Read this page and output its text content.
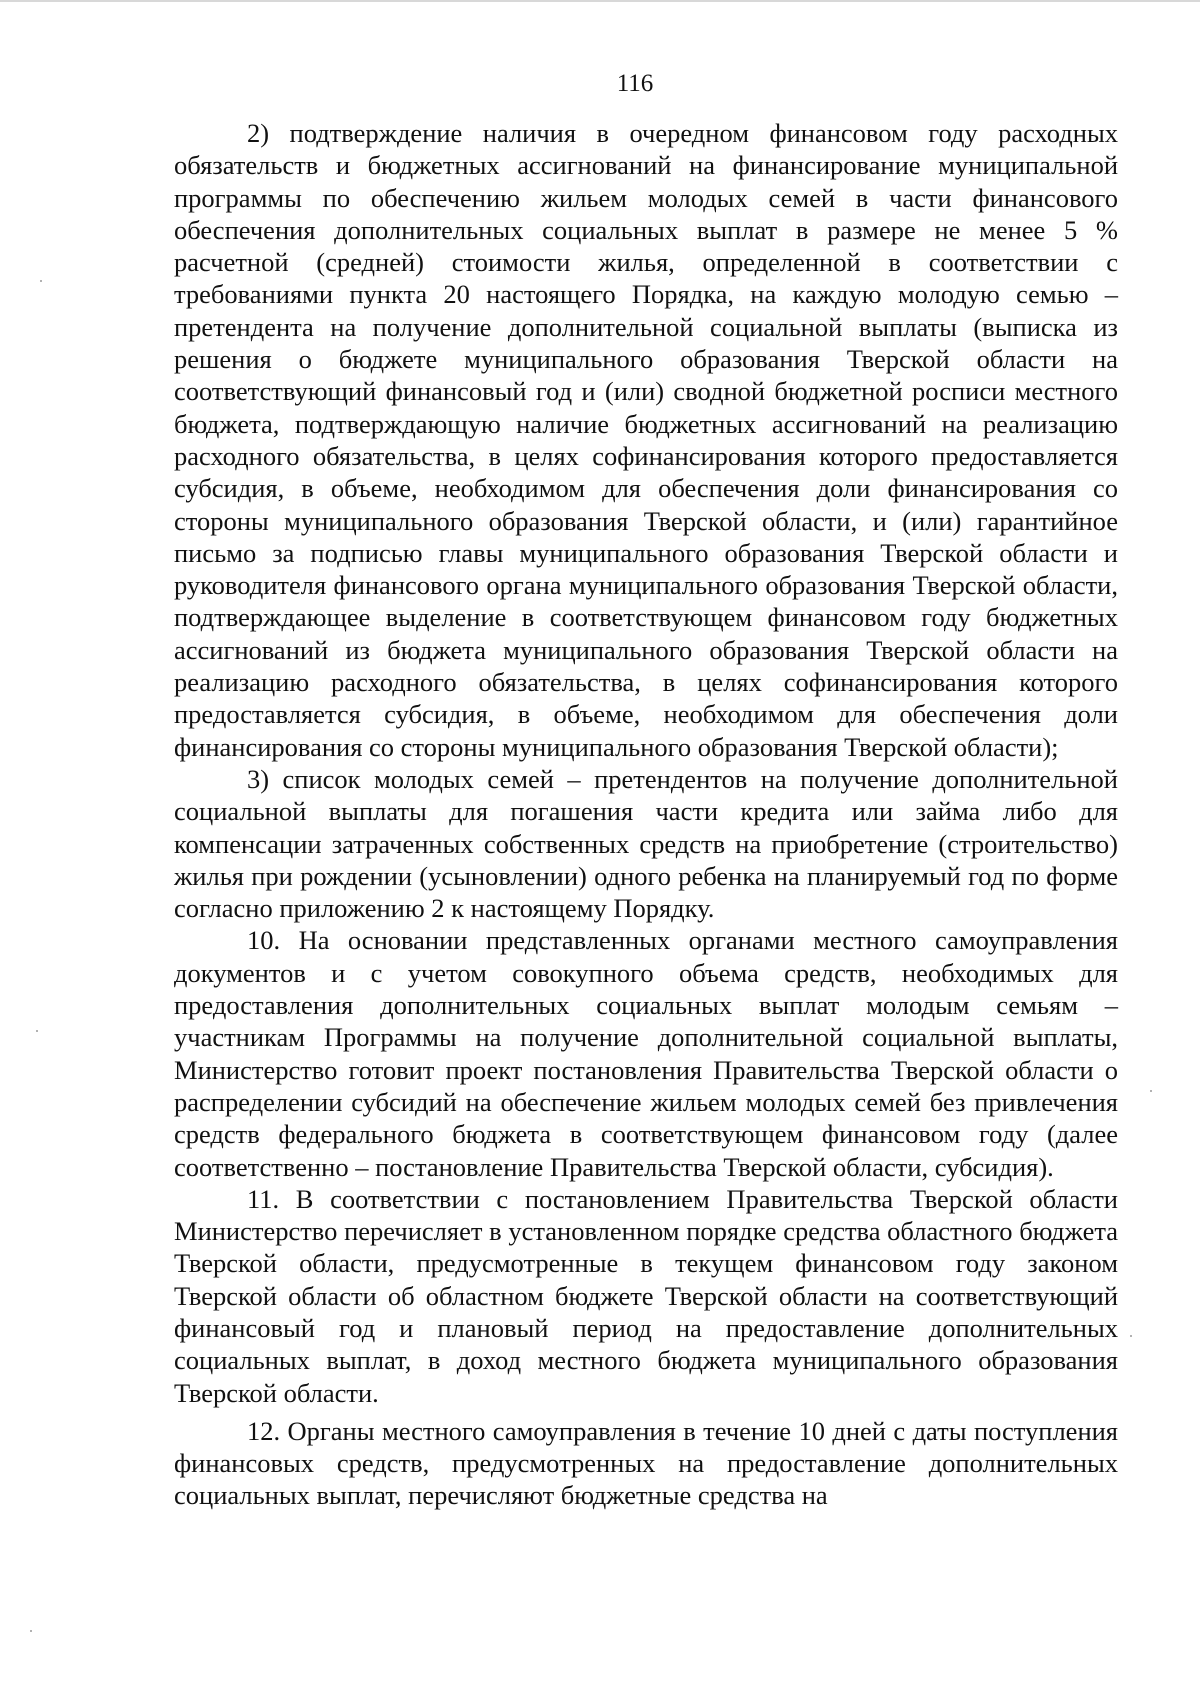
116

2) подтверждение наличия в очередном финансовом году расходных обязательств и бюджетных ассигнований на финансирование муниципальной программы по обеспечению жильем молодых семей в части финансового обеспечения дополнительных социальных выплат в размере не менее 5 % расчетной (средней) стоимости жилья, определенной в соответствии с требованиями пункта 20 настоящего Порядка, на каждую молодую семью – претендента на получение дополнительной социальной выплаты (выписка из решения о бюджете муниципального образования Тверской области на соответствующий финансовый год и (или) сводной бюджетной росписи местного бюджета, подтверждающую наличие бюджетных ассигнований на реализацию расходного обязательства, в целях софинансирования которого предоставляется субсидия, в объеме, необходимом для обеспечения доли финансирования со стороны муниципального образования Тверской области, и (или) гарантийное письмо за подписью главы муниципального образования Тверской области и руководителя финансового органа муниципального образования Тверской области, подтверждающее выделение в соответствующем финансовом году бюджетных ассигнований из бюджета муниципального образования Тверской области на реализацию расходного обязательства, в целях софинансирования которого предоставляется субсидия, в объеме, необходимом для обеспечения доли финансирования со стороны муниципального образования Тверской области);

3) список молодых семей – претендентов на получение дополнительной социальной выплаты для погашения части кредита или займа либо для компенсации затраченных собственных средств на приобретение (строительство) жилья при рождении (усыновлении) одного ребенка на планируемый год по форме согласно приложению 2 к настоящему Порядку.

10. На основании представленных органами местного самоуправления документов и с учетом совокупного объема средств, необходимых для предоставления дополнительных социальных выплат молодым семьям – участникам Программы на получение дополнительной социальной выплаты, Министерство готовит проект постановления Правительства Тверской области о распределении субсидий на обеспечение жильем молодых семей без привлечения средств федерального бюджета в соответствующем финансовом году (далее соответственно – постановление Правительства Тверской области, субсидия).

11. В соответствии с постановлением Правительства Тверской области Министерство перечисляет в установленном порядке средства областного бюджета Тверской области, предусмотренные в текущем финансовом году законом Тверской области об областном бюджете Тверской области на соответствующий финансовый год и плановый период на предоставление дополнительных социальных выплат, в доход местного бюджета муниципального образования Тверской области.

12. Органы местного самоуправления в течение 10 дней с даты поступления финансовых средств, предусмотренных на предоставление дополнительных социальных выплат, перечисляют бюджетные средства на
